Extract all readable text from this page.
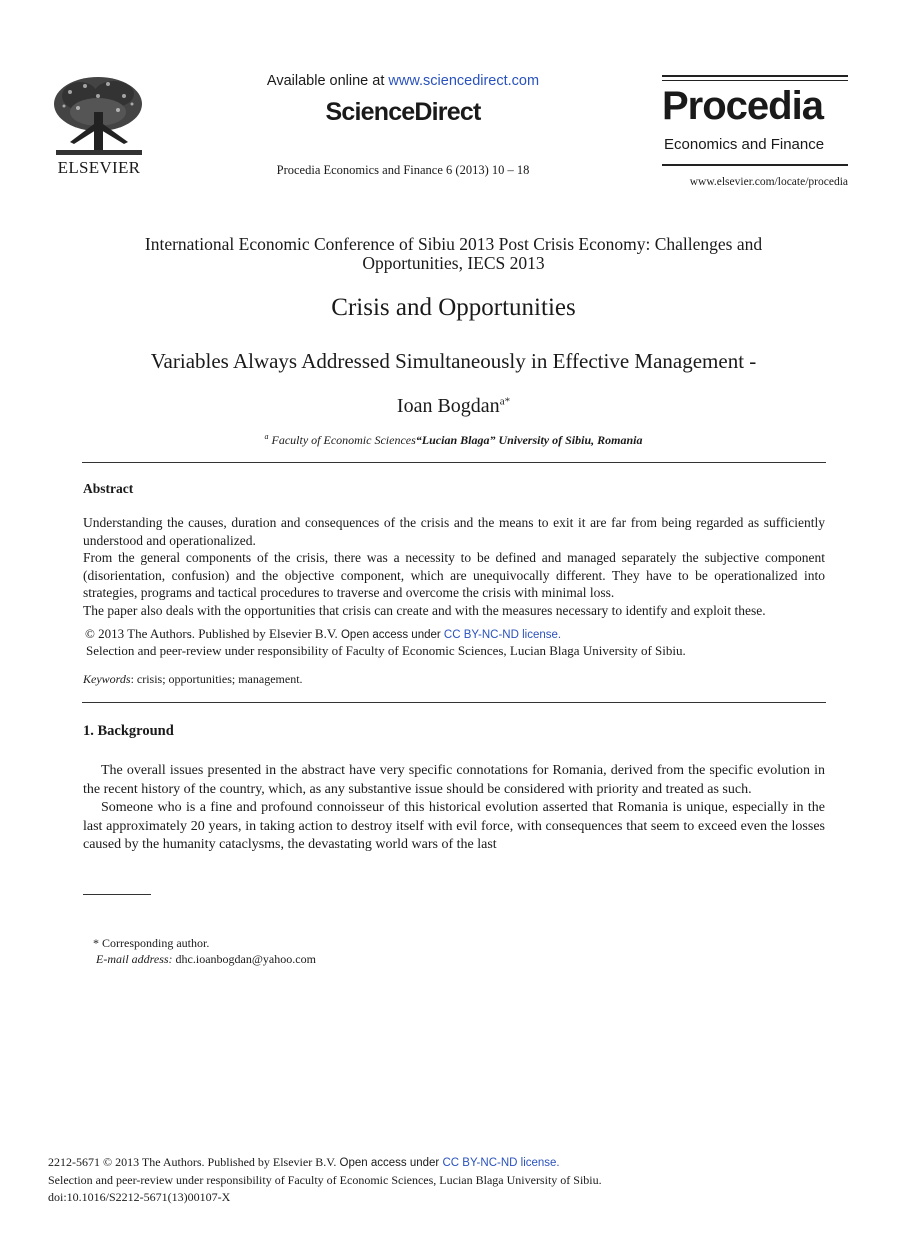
ELSEVIER
Available online at www.sciencedirect.com
ScienceDirect
Procedia Economics and Finance 6 (2013) 10 – 18
Procedia
Economics and Finance
www.elsevier.com/locate/procedia
International Economic Conference of Sibiu 2013 Post Crisis Economy: Challenges and Opportunities, IECS 2013
Crisis and Opportunities
Variables Always Addressed Simultaneously in Effective Management -
Ioan Bogdan$^{a*}$
$^a$ Faculty of Economic Sciences“Lucian Blaga” University of Sibiu, Romania
Abstract

Understanding the causes, duration and consequences of the crisis and the means to exit it are far from being regarded as sufficiently understood and operationalized.

From the general components of the crisis, there was a necessity to be defined and managed separately the subjective component (disorientation, confusion) and the objective component, which are unequivocally different. They have to be operationalized into strategies, programs and tactical procedures to traverse and overcome the crisis with minimal loss.

The paper also deals with the opportunities that crisis can create and with the measures necessary to identify and exploit these.

© 2013 The Authors. Published by Elsevier B.V. Open access under CC BY-NC-ND license.
Selection and peer-review under responsibility of Faculty of Economic Sciences, Lucian Blaga University of Sibiu.
Keywords: crisis; opportunities; management.
1. Background

The overall issues presented in the abstract have very specific connotations for Romania, derived from the specific evolution in the recent history of the country, which, as any substantive issue should be considered with priority and treated as such.

Someone who is a fine and profound connoisseur of this historical evolution asserted that Romania is unique, especially in the last approximately 20 years, in taking action to destroy itself with evil force, with consequences that seem to exceed even the losses caused by the humanity cataclysms, the devastating world wars of the last

* Corresponding author.
E-mail address: dhc.ioanbogdan@yahoo.com
2212-5671 © 2013 The Authors. Published by Elsevier B.V. Open access under CC BY-NC-ND license.
Selection and peer-review under responsibility of Faculty of Economic Sciences, Lucian Blaga University of Sibiu.
doi:10.1016/S2212-5671(13)00107-X
